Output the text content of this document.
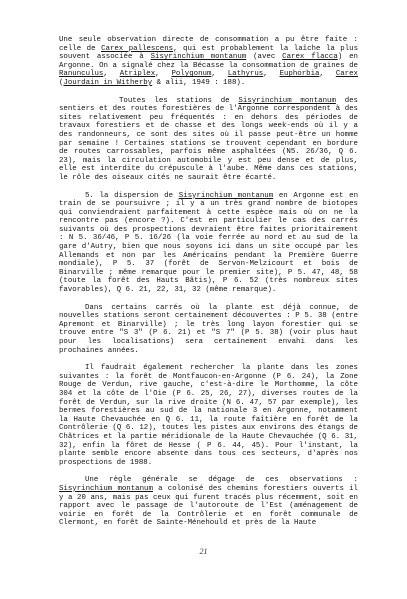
Une seule observation directe de consommation a pu être faite : celle de Carex pallescens, qui est probablement la laîche la plus souvent associée à Sisyrinchium montanum (avec Carex flacca) en Argonne. On a signalé chez la Bécasse la consommation de graines de Ranunculus, Atriplex, Polygonum, Lathyrus, Euphorbia, Carex (Jourdain in Witherby & alii, 1949 : 188).

Toutes les stations de Sisyrinchium montanum des sentiers et des routes forestières de l'Argonne correspondent à des sites relativement peu fréquentés : en dehors des périodes de travaux forestiers et de chasse et des longs week-ends où il y a des randonneurs, ce sont des sites où il passe peut-être un homme par semaine ! Certaines stations se trouvent cependant en bordure de routes carrossables, parfois même asphaltées (N5. 26/36, Q 6. 23), mais la circulation automobile y est peu dense et de plus, elle est interdite du crépuscule à l'aube. Même dans ces stations, le rôle des oiseaux cités ne saurait être écarté.

5. la dispersion de Sisyrinchium montanum en Argonne est en train de se poursuivre ; il y a un très grand nombre de biotopes qui conviendraient parfaitement à cette espèce mais où on ne la rencontre pas (encore ?). C'est en particulier le cas des carrés suivants où des prospections devraient être faites prioritairement : N 5. 36/46, P 5. 16/26 (la voie ferrée au nord et au sud de la gare d'Autry, bien que nous soyons ici dans un site occupé par les Allemands et non par les Américains pendant la Première Guerre mondiale), P 5. 37 (forêt de Servon-Melzicourt et bois de Binarville ; même remarque pour le premier site), P 5. 47, 48, 58 (toute la forêt des Hauts Bâtis), P 6. 52 (très nombreux sites favorables), Q 6. 21, 22, 31, 32 (même remarque).

Dans certains carrés où la plante est déjà connue, de nouvelles stations seront certainement découvertes : P 5. 38 (entre Apremont et Binarville) ; le très long layon forestier qui se trouve entre "S 3" (P 6. 21) et "S 7" (P 5. 38) (voir plus haut pour les localisations) sera certainement envahi dans les prochaines années.

Il faudrait également rechercher la plante dans les zones suivantes : la forêt de Montfaucon-en-Argonne (P 6. 24), la Zone Rouge de Verdun, rive gauche, c'est-à-dire le Morthomme, la côte 304 et la côte de l'Oie (P 6. 25, 26, 27), diverses routes de la forêt de Verdun, sur la rive droite (N 6. 47, 57 par exemple), les bermes forestières au sud de la nationale 3 en Argonne, notamment la Haute Chevauchée en Q 6. 11, la route faîtière en forêt de la Contrôlerie (Q 6. 12), toutes les pistes aux environs des étangs de Châtrices et la partie méridionale de la Haute Chevauchée (Q 6. 31, 32), enfin la fôret de Hesse ( P 6. 44, 45). Pour l'instant, la plante semble encore absente dans tous ces secteurs, d'après nos prospections de 1988.

Une règle générale se dégage de ces observations : Sisyrinchium montanum a colonisé des chemins forestiers ouverts il y a 20 ans, mais pas ceux qui furent tracés plus récemment, soit en rapport avec le passage de l'autoroute de l'Est (aménagement de voirie en forêt de la Contrôlerie et en forêt communale de Clermont, en forêt de Sainte-Ménehould et près de la Haute

21
